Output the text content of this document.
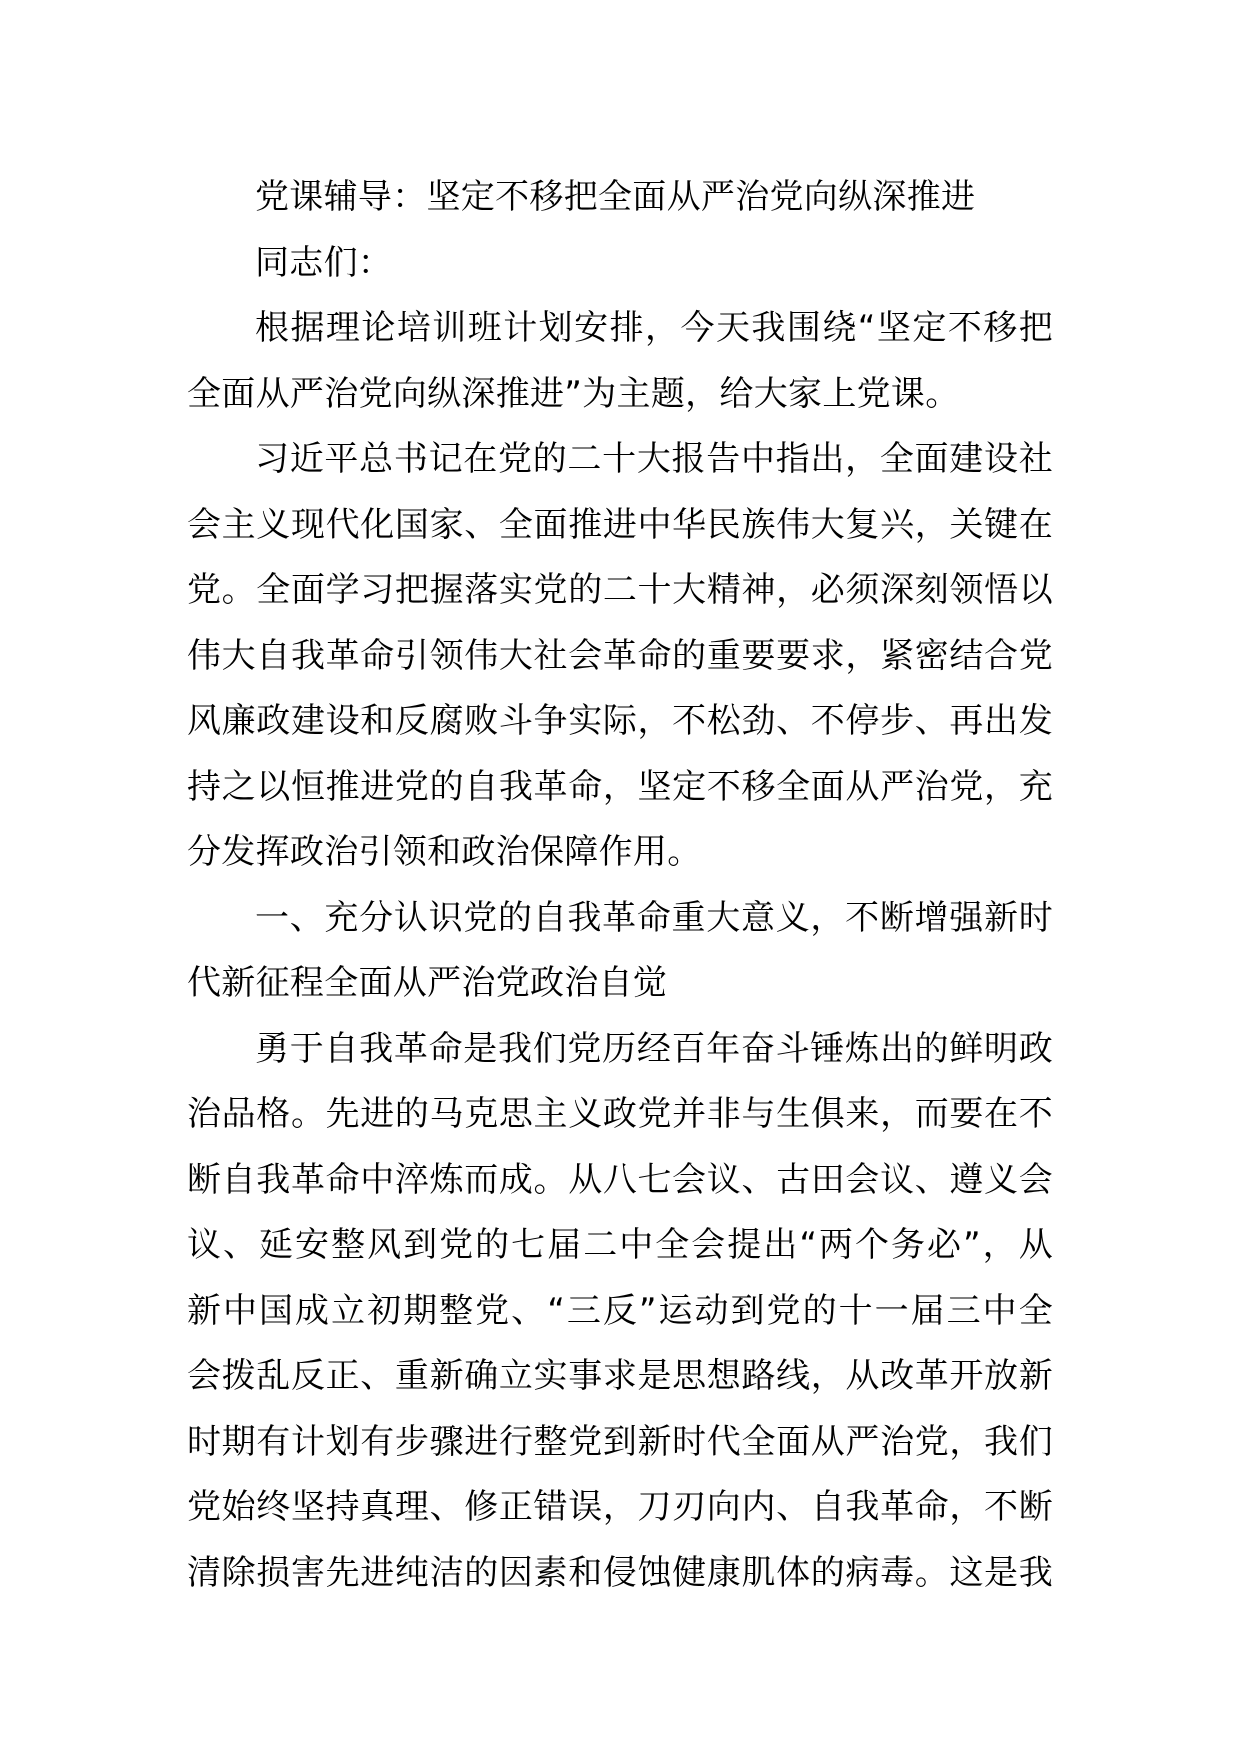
党课辅导：坚定不移把全面从严治党向纵深推进
同志们：
根据理论培训班计划安排，今天我围绕“坚定不移把
全面从严治党向纵深推进”为主题，给大家上党课。
习近平总书记在党的二十大报告中指出，全面建设社
会主义现代化国家、全面推进中华民族伟大复兴，关键在
党。全面学习把握落实党的二十大精神，必须深刻领悟以
伟大自我革命引领伟大社会革命的重要要求，紧密结合党
风廉政建设和反腐败斗争实际，不松劲、不停步、再出发
持之以恒推进党的自我革命，坚定不移全面从严治党，充
分发挥政治引领和政治保障作用。
一、充分认识党的自我革命重大意义，不断增强新时
代新征程全面从严治党政治自觉
勇于自我革命是我们党历经百年奋斗锤炼出的鲜明政
治品格。先进的马克思主义政党并非与生俱来，而要在不
断自我革命中淬炼而成。从八七会议、古田会议、遵义会
议、延安整风到党的七届二中全会提出“两个务必”，从
新中国成立初期整党、“三反”运动到党的十一届三中全
会拨乱反正、重新确立实事求是思想路线，从改革开放新
时期有计划有步骤进行整党到新时代全面从严治党，我们
党始终坚持真理、修正错误，刀刃向内、自我革命，不断
清除损害先进纯洁的因素和侵蚀健康肌体的病毒。这是我
